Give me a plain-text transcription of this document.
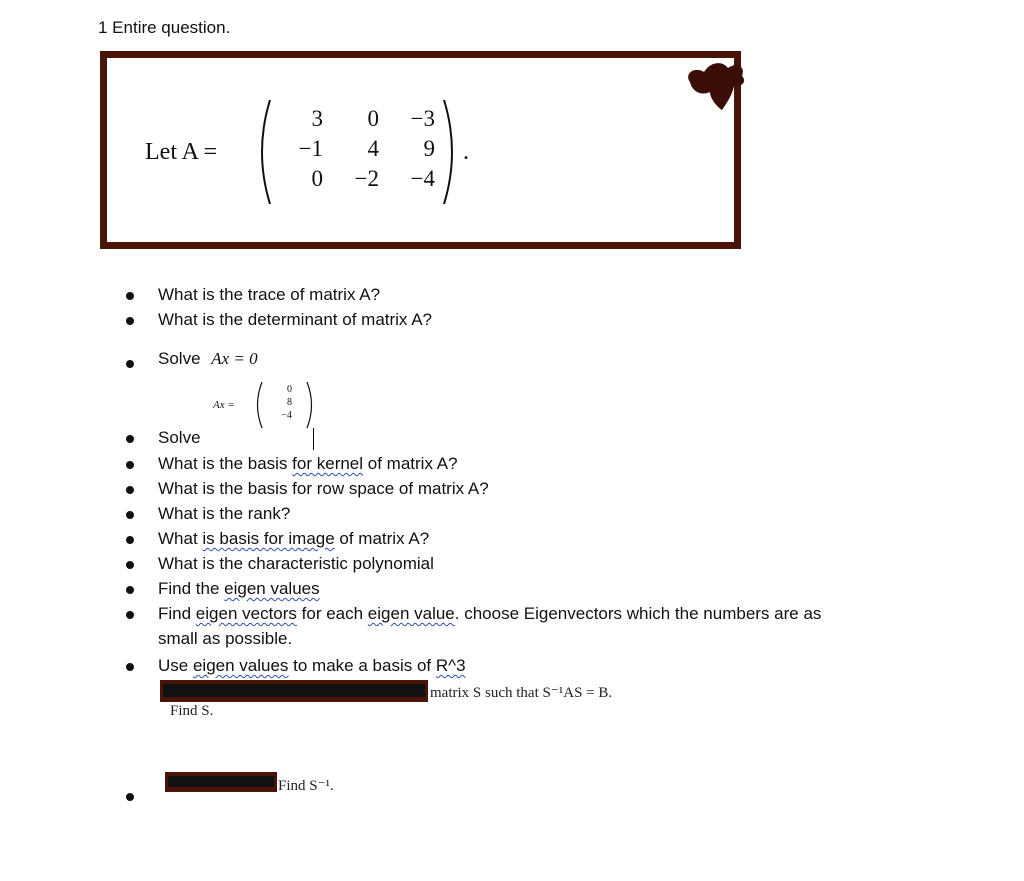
1 Entire question.
Let A =
3	0	−3
−1	4	9
0	−2	−4
.
What is the trace of matrix A?
What is the determinant of matrix A?
Solve Ax = 0
Ax =
0
8
−4
Solve
What is the basis for kernel of matrix A?
What is the basis for row space of matrix A?
What is the rank?
What is basis for image of matrix A?
What is the characteristic polynomial
Find the eigen values
Find eigen vectors for each eigen value. choose Eigenvectors which the numbers are as
small as possible.
Use eigen values to make a basis of R^3
matrix S such that S⁻¹AS = B.
Find S.
Find S⁻¹.
